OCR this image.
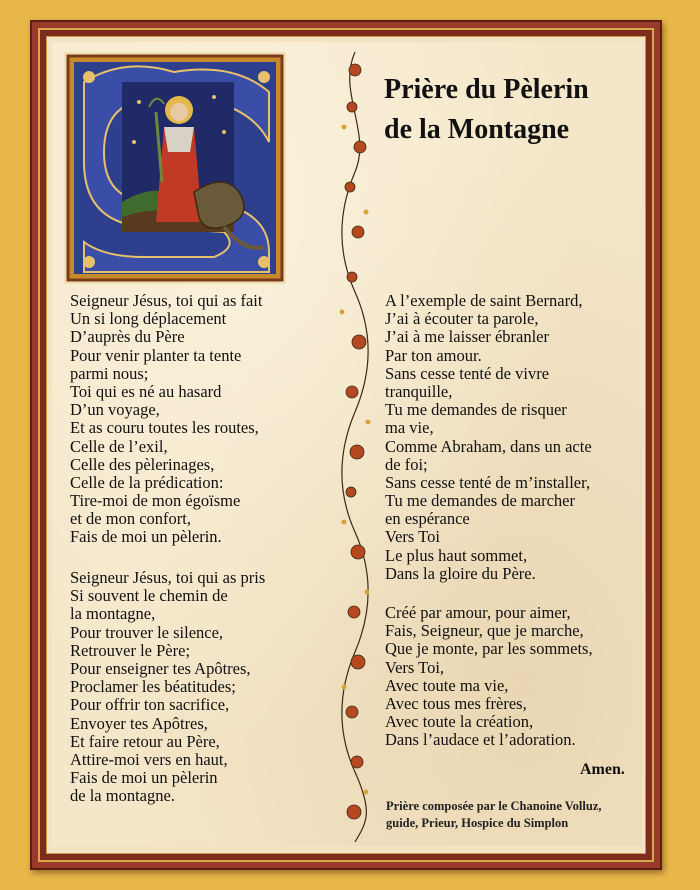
Prière du Pèlerin
de la Montagne
Seigneur Jésus, toi qui as fait
Un si long déplacement
D’auprès du Père
Pour venir planter ta tente
parmi nous;
Toi qui es né au hasard
D’un voyage,
Et as couru toutes les routes,
Celle de l’exil,
Celle des pèlerinages,
Celle de la prédication:
Tire-moi de mon égoïsme
et de mon confort,
Fais de moi un pèlerin.
Seigneur Jésus, toi qui as pris
Si souvent le chemin de
la montagne,
Pour trouver le silence,
Retrouver le Père;
Pour enseigner tes Apôtres,
Proclamer les béatitudes;
Pour offrir ton sacrifice,
Envoyer tes Apôtres,
Et faire retour au Père,
Attire-moi vers en haut,
Fais de moi un pèlerin
de la montagne.
A l’exemple de saint Bernard,
J’ai à écouter ta parole,
J’ai à me laisser ébranler
Par ton amour.
Sans cesse tenté de vivre
tranquille,
Tu me demandes de risquer
ma vie,
Comme Abraham, dans un acte
de foi;
Sans cesse tenté de m’installer,
Tu me demandes de marcher
en espérance
Vers Toi
Le plus haut sommet,
Dans la gloire du Père.
Créé par amour, pour aimer,
Fais, Seigneur, que je marche,
Que je monte, par les sommets,
Vers Toi,
Avec toute ma vie,
Avec tous mes frères,
Avec toute la création,
Dans l’audace et l’adoration.
Amen.
Prière composée par le Chanoine Volluz,
guide, Prieur, Hospice du Simplon
